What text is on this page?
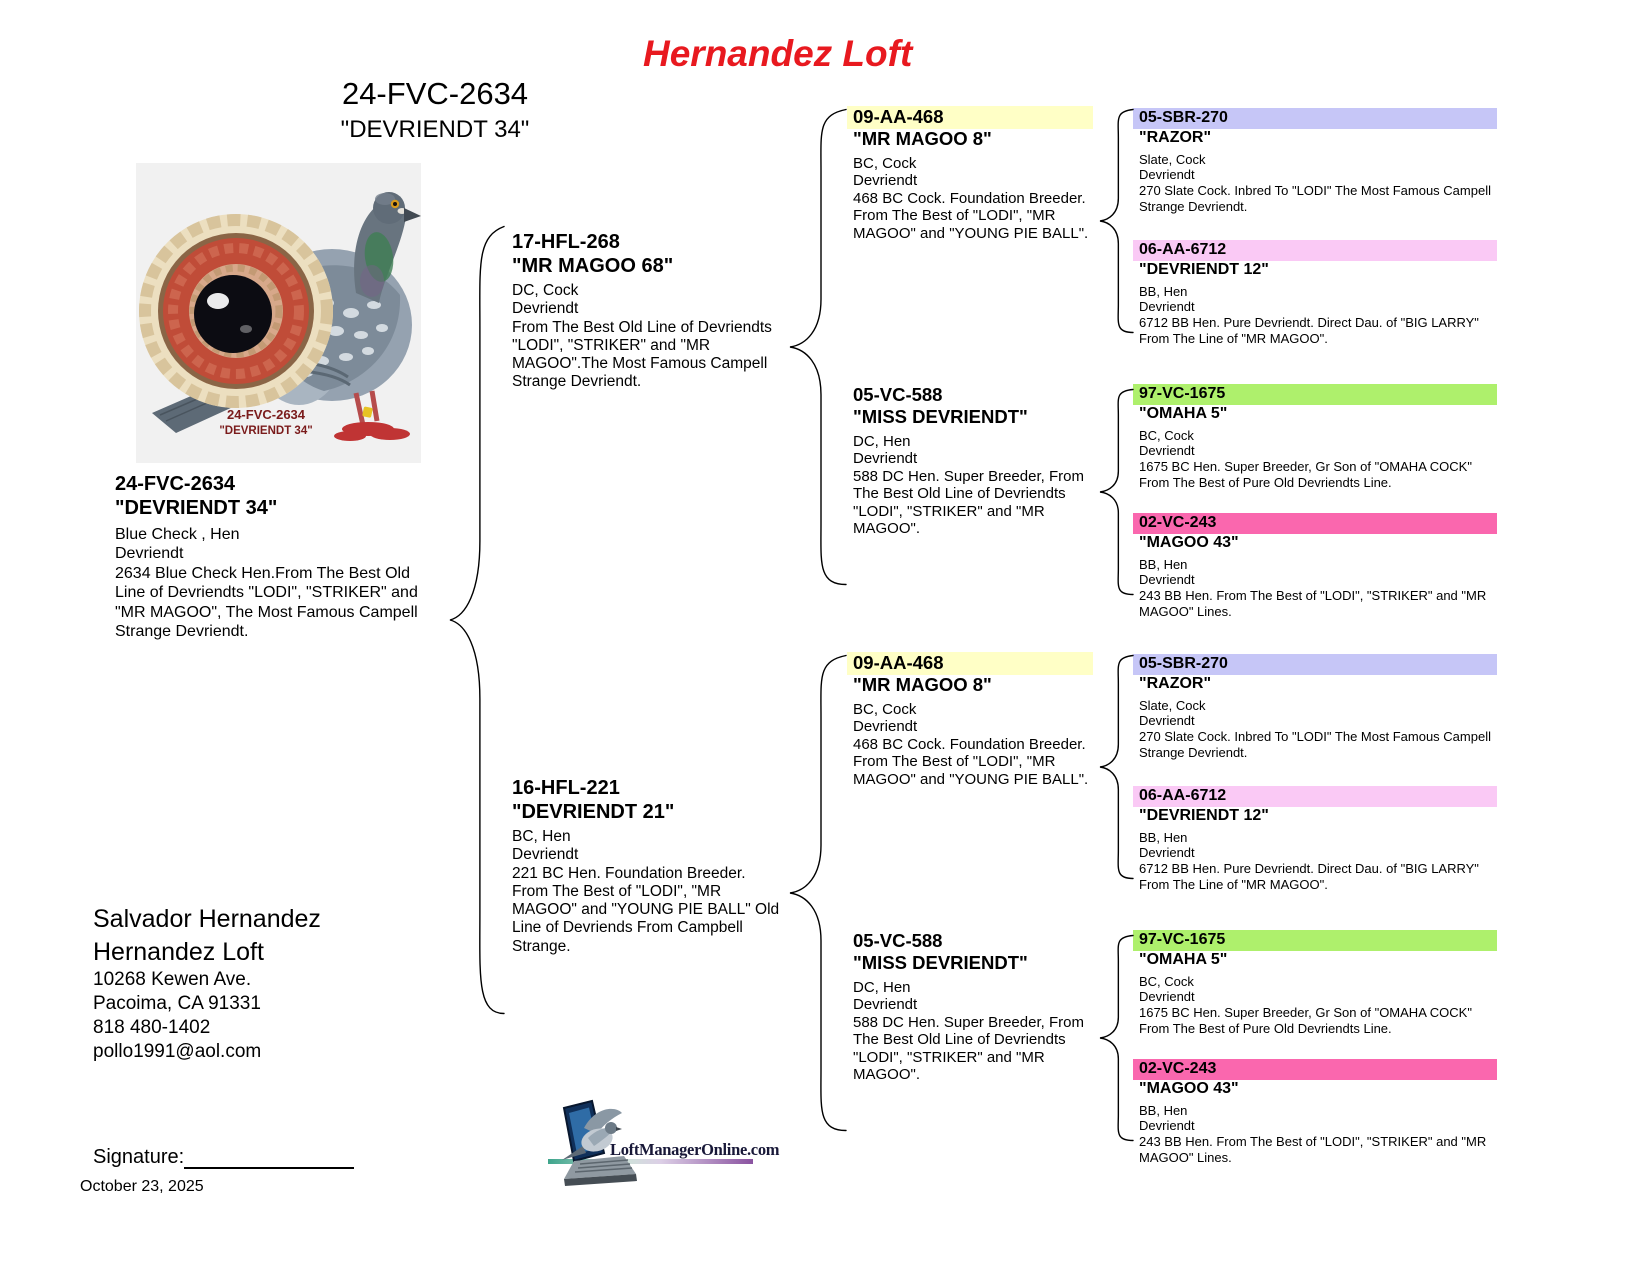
Hernandez Loft
24-FVC-2634
"DEVRIENDT 34"
24-FVC-2634
"DEVRIENDT 34"
24-FVC-2634
"DEVRIENDT 34"
Blue Check , Hen
Devriendt
2634 Blue Check Hen.From The Best Old Line of Devriendts "LODI", "STRIKER" and "MR MAGOO", The Most Famous Campell Strange Devriendt.
17-HFL-268
"MR MAGOO 68"
DC, Cock
Devriendt
From The Best Old Line of Devriendts "LODI", "STRIKER" and "MR MAGOO".The Most Famous Campell Strange Devriendt.
16-HFL-221
"DEVRIENDT 21"
BC, Hen
Devriendt
221 BC Hen. Foundation Breeder. From The Best of "LODI", "MR MAGOO" and "YOUNG PIE BALL" Old Line of Devriends From Campbell Strange.
09-AA-468
"MR MAGOO 8"
BC, Cock
Devriendt
468 BC Cock. Foundation Breeder. From The Best of "LODI", "MR MAGOO" and "YOUNG PIE BALL".
05-VC-588
"MISS DEVRIENDT"
DC, Hen
Devriendt
588 DC Hen. Super Breeder, From The Best Old Line of Devriendts "LODI", "STRIKER" and "MR MAGOO".
09-AA-468
"MR MAGOO 8"
BC, Cock
Devriendt
468 BC Cock. Foundation Breeder. From The Best of "LODI", "MR MAGOO" and "YOUNG PIE BALL".
05-VC-588
"MISS DEVRIENDT"
DC, Hen
Devriendt
588 DC Hen. Super Breeder, From The Best Old Line of Devriendts "LODI", "STRIKER" and "MR MAGOO".
05-SBR-270
"RAZOR"
Slate, Cock
Devriendt
270 Slate Cock. Inbred To "LODI" The Most Famous Campell Strange Devriendt.
06-AA-6712
"DEVRIENDT 12"
BB, Hen
Devriendt
6712 BB Hen. Pure Devriendt. Direct Dau. of "BIG LARRY" From The Line of "MR MAGOO".
97-VC-1675
"OMAHA 5"
BC, Cock
Devriendt
1675 BC Hen. Super Breeder, Gr Son of "OMAHA COCK" From The Best of Pure Old Devriendts Line.
02-VC-243
"MAGOO 43"
BB, Hen
Devriendt
243 BB Hen. From The Best of "LODI", "STRIKER" and "MR MAGOO" Lines.
05-SBR-270
"RAZOR"
Slate, Cock
Devriendt
270 Slate Cock. Inbred To "LODI" The Most Famous Campell Strange Devriendt.
06-AA-6712
"DEVRIENDT 12"
BB, Hen
Devriendt
6712 BB Hen. Pure Devriendt. Direct Dau. of "BIG LARRY" From The Line of "MR MAGOO".
97-VC-1675
"OMAHA 5"
BC, Cock
Devriendt
1675 BC Hen. Super Breeder, Gr Son of "OMAHA COCK" From The Best of Pure Old Devriendts Line.
02-VC-243
"MAGOO 43"
BB, Hen
Devriendt
243 BB Hen. From The Best of "LODI", "STRIKER" and "MR MAGOO" Lines.
Salvador Hernandez
Hernandez Loft
10268 Kewen Ave.
Pacoima, CA 91331
818 480-1402
pollo1991@aol.com
Signature:
October 23, 2025
LoftManagerOnline.com
